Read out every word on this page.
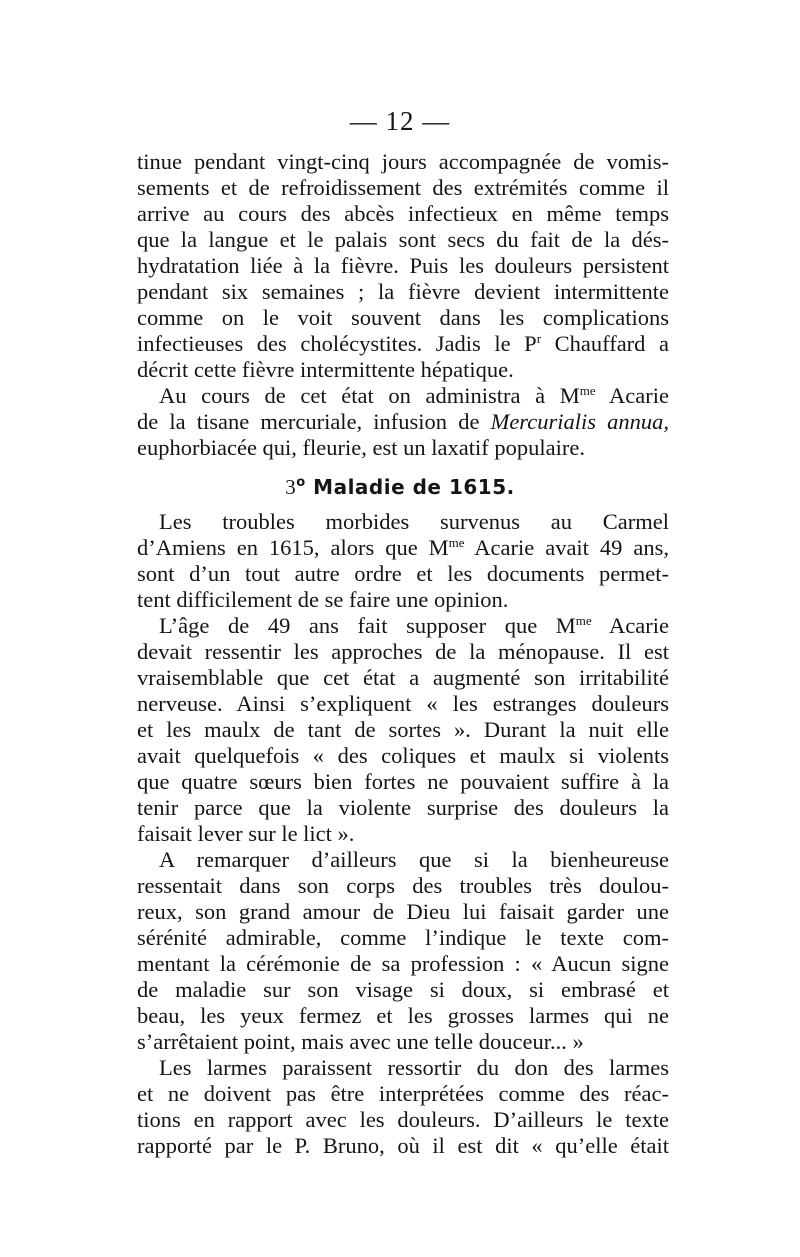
— 12 —
tinue pendant vingt-cinq jours accompagnée de vomis-
sements et de refroidissement des extrémités comme il
arrive au cours des abcès infectieux en même temps
que la langue et le palais sont secs du fait de la dés-
hydratation liée à la fièvre. Puis les douleurs persistent
pendant six semaines ; la fièvre devient intermittente
comme on le voit souvent dans les complications
infectieuses des cholécystites. Jadis le $P^r$ Chauffard a
décrit cette fièvre intermittente hépatique.
Au cours de cet état on administra à $M^{me}$ Acarie
de la tisane mercuriale, infusion de Mercurialis annua,
euphorbiacée qui, fleurie, est un laxatif populaire.
3$^o$ Maladie de 1615.
Les troubles morbides survenus au Carmel
d’Amiens en 1615, alors que $M^{me}$ Acarie avait 49 ans,
sont d’un tout autre ordre et les documents permet-
tent difficilement de se faire une opinion.
L’âge de 49 ans fait supposer que $M^{me}$ Acarie
devait ressentir les approches de la ménopause. Il est
vraisemblable que cet état a augmenté son irritabilité
nerveuse. Ainsi s’expliquent « les estranges douleurs
et les maulx de tant de sortes ». Durant la nuit elle
avait quelquefois « des coliques et maulx si violents
que quatre sœurs bien fortes ne pouvaient suffire à la
tenir parce que la violente surprise des douleurs la
faisait lever sur le lict ».
A remarquer d’ailleurs que si la bienheureuse
ressentait dans son corps des troubles très doulou-
reux, son grand amour de Dieu lui faisait garder une
sérénité admirable, comme l’indique le texte com-
mentant la cérémonie de sa profession : « Aucun signe
de maladie sur son visage si doux, si embrasé et
beau, les yeux fermez et les grosses larmes qui ne
s’arrêtaient point, mais avec une telle douceur... »
Les larmes paraissent ressortir du don des larmes
et ne doivent pas être interprétées comme des réac-
tions en rapport avec les douleurs. D’ailleurs le texte
rapporté par le P. Bruno, où il est dit « qu’elle était
